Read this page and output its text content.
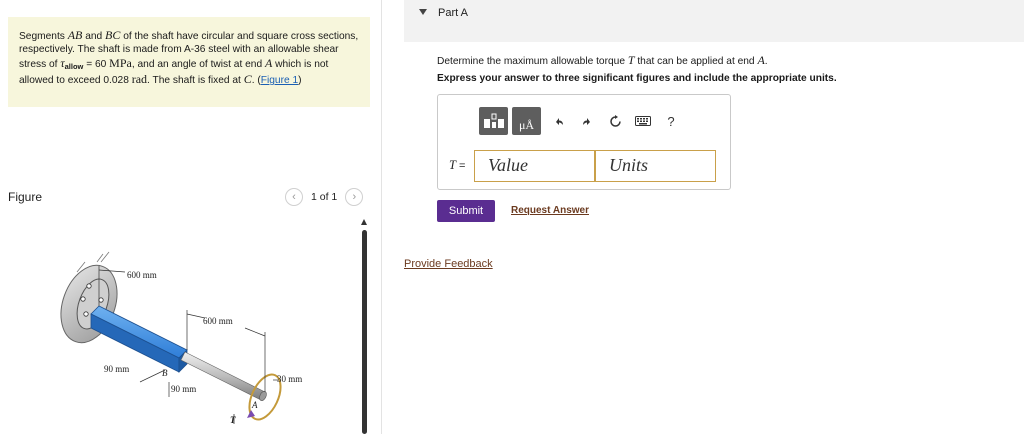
Segments AB and BC of the shaft have circular and square cross sections, respectively. The shaft is made from A-36 steel with an allowable shear stress of $\tau_{allow} = 60$ MPa, and an angle of twist at end A which is not allowed to exceed 0.028 rad. The shaft is fixed at C. (Figure 1)
Figure	‹ 1 of 1 ›
600 mm
600 mm
90 mm
90 mm
30 mm
B
A
T
Part A
Determine the maximum allowable torque T that can be applied at end A.
Express your answer to three significant figures and include the appropriate units.
μÅ	?
T =	Value	Units
Submit	Request Answer
Provide Feedback
